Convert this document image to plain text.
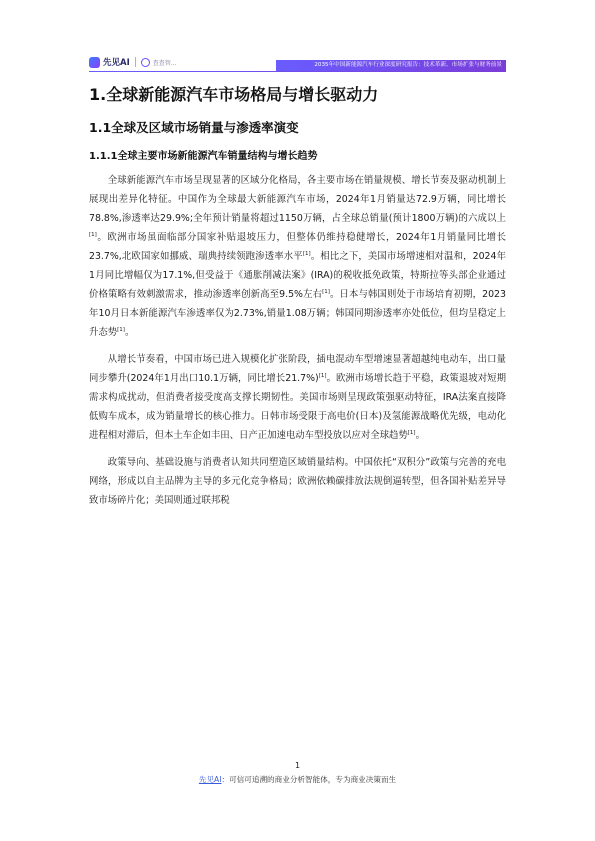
先见AI	查查智…	2035年中国新能源汽车行业深度研究报告：技术革新、市场扩张与财务前景
1.全球新能源汽车市场格局与增长驱动力
1.1全球及区域市场销量与渗透率演变
1.1.1全球主要市场新能源汽车销量结构与增长趋势

全球新能源汽车市场呈现显著的区域分化格局，各主要市场在销量规模、增长节奏及驱动机制上展现出差异化特征。中国作为全球最大新能源汽车市场，2024年1月销量达72.9万辆，同比增长78.8%,渗透率达29.9%;全年预计销量将超过1150万辆，占全球总销量(预计1800万辆)的六成以上[1]。欧洲市场虽面临部分国家补贴退坡压力，但整体仍维持稳健增长，2024年1月销量同比增长23.7%,北欧国家如挪威、瑞典持续领跑渗透率水平[1]。相比之下，美国市场增速相对温和，2024年1月同比增幅仅为17.1%,但受益于《通胀削减法案》(IRA)的税收抵免政策，特斯拉等头部企业通过价格策略有效刺激需求，推动渗透率创新高至9.5%左右[1]。日本与韩国则处于市场培育初期，2023年10月日本新能源汽车渗透率仅为2.73%,销量1.08万辆；韩国同期渗透率亦处低位，但均呈稳定上升态势[1]。

从增长节奏看，中国市场已进入规模化扩张阶段，插电混动车型增速显著超越纯电动车，出口量同步攀升(2024年1月出口10.1万辆，同比增长21.7%)[1]。欧洲市场增长趋于平稳，政策退坡对短期需求构成扰动，但消费者接受度高支撑长期韧性。美国市场则呈现政策强驱动特征，IRA法案直接降低购车成本，成为销量增长的核心推力。日韩市场受限于高电价(日本)及氢能源战略优先级，电动化进程相对滞后，但本土车企如丰田、日产正加速电动车型投放以应对全球趋势[1]。

政策导向、基础设施与消费者认知共同塑造区域销量结构。中国依托“双积分”政策与完善的充电网络，形成以自主品牌为主导的多元化竞争格局；欧洲依赖碳排放法规倒逼转型，但各国补贴差异导致市场碎片化；美国则通过联邦税

1
先见AI：可信可追溯的商业分析智能体，专为商业决策而生
